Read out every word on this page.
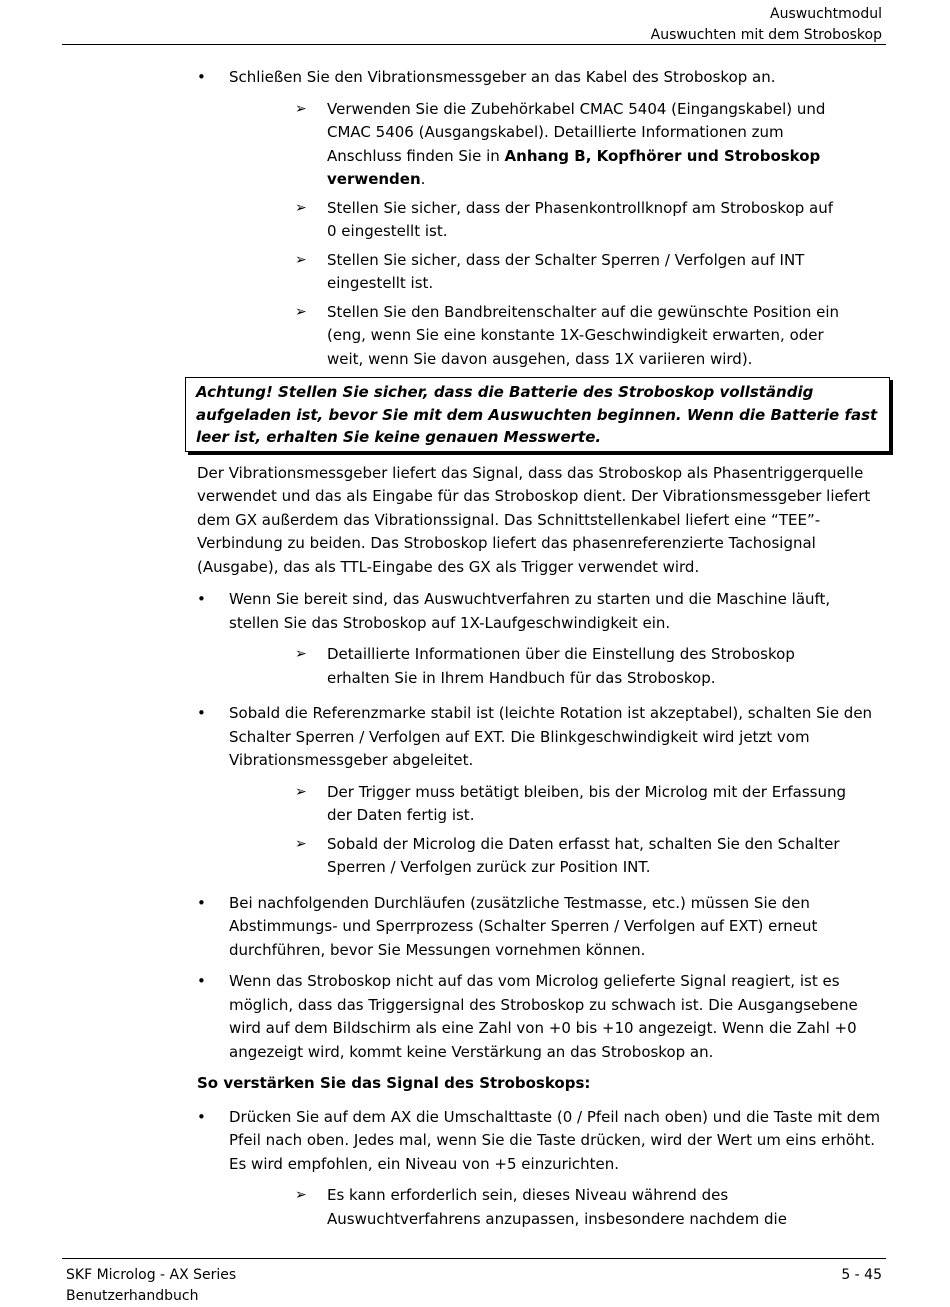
Auswuchtmodul
Auswuchten mit dem Stroboskop
• Schließen Sie den Vibrationsmessgeber an das Kabel des Stroboskop an.
➢ Verwenden Sie die Zubehörkabel CMAC 5404 (Eingangskabel) und CMAC 5406 (Ausgangskabel). Detaillierte Informationen zum Anschluss finden Sie in Anhang B, Kopfhörer und Stroboskop verwenden.
➢ Stellen Sie sicher, dass der Phasenkontrollknopf am Stroboskop auf 0 eingestellt ist.
➢ Stellen Sie sicher, dass der Schalter Sperren / Verfolgen auf INT eingestellt ist.
➢ Stellen Sie den Bandbreitenschalter auf die gewünschte Position ein (eng, wenn Sie eine konstante 1X-Geschwindigkeit erwarten, oder weit, wenn Sie davon ausgehen, dass 1X variieren wird).
Achtung! Stellen Sie sicher, dass die Batterie des Stroboskop vollständig aufgeladen ist, bevor Sie mit dem Auswuchten beginnen. Wenn die Batterie fast leer ist, erhalten Sie keine genauen Messwerte.
Der Vibrationsmessgeber liefert das Signal, dass das Stroboskop als Phasentriggerquelle verwendet und das als Eingabe für das Stroboskop dient. Der Vibrationsmessgeber liefert dem GX außerdem das Vibrationssignal. Das Schnittstellenkabel liefert eine “TEE”-Verbindung zu beiden. Das Stroboskop liefert das phasenreferenzierte Tachosignal (Ausgabe), das als TTL-Eingabe des GX als Trigger verwendet wird.
• Wenn Sie bereit sind, das Auswuchtverfahren zu starten und die Maschine läuft, stellen Sie das Stroboskop auf 1X-Laufgeschwindigkeit ein.
➢ Detaillierte Informationen über die Einstellung des Stroboskop erhalten Sie in Ihrem Handbuch für das Stroboskop.
• Sobald die Referenzmarke stabil ist (leichte Rotation ist akzeptabel), schalten Sie den Schalter Sperren / Verfolgen auf EXT. Die Blinkgeschwindigkeit wird jetzt vom Vibrationsmessgeber abgeleitet.
➢ Der Trigger muss betätigt bleiben, bis der Microlog mit der Erfassung der Daten fertig ist.
➢ Sobald der Microlog die Daten erfasst hat, schalten Sie den Schalter Sperren / Verfolgen zurück zur Position INT.
• Bei nachfolgenden Durchläufen (zusätzliche Testmasse, etc.) müssen Sie den Abstimmungs- und Sperrprozess (Schalter Sperren / Verfolgen auf EXT) erneut durchführen, bevor Sie Messungen vornehmen können.
• Wenn das Stroboskop nicht auf das vom Microlog gelieferte Signal reagiert, ist es möglich, dass das Triggersignal des Stroboskop zu schwach ist. Die Ausgangsebene wird auf dem Bildschirm als eine Zahl von +0 bis +10 angezeigt. Wenn die Zahl +0 angezeigt wird, kommt keine Verstärkung an das Stroboskop an.
So verstärken Sie das Signal des Stroboskops:
• Drücken Sie auf dem AX die Umschalttaste (0 / Pfeil nach oben) und die Taste mit dem Pfeil nach oben. Jedes mal, wenn Sie die Taste drücken, wird der Wert um eins erhöht. Es wird empfohlen, ein Niveau von +5 einzurichten.
➢ Es kann erforderlich sein, dieses Niveau während des Auswuchtverfahrens anzupassen, insbesondere nachdem die
SKF Microlog - AX Series
Benutzerhandbuch
5 - 45
